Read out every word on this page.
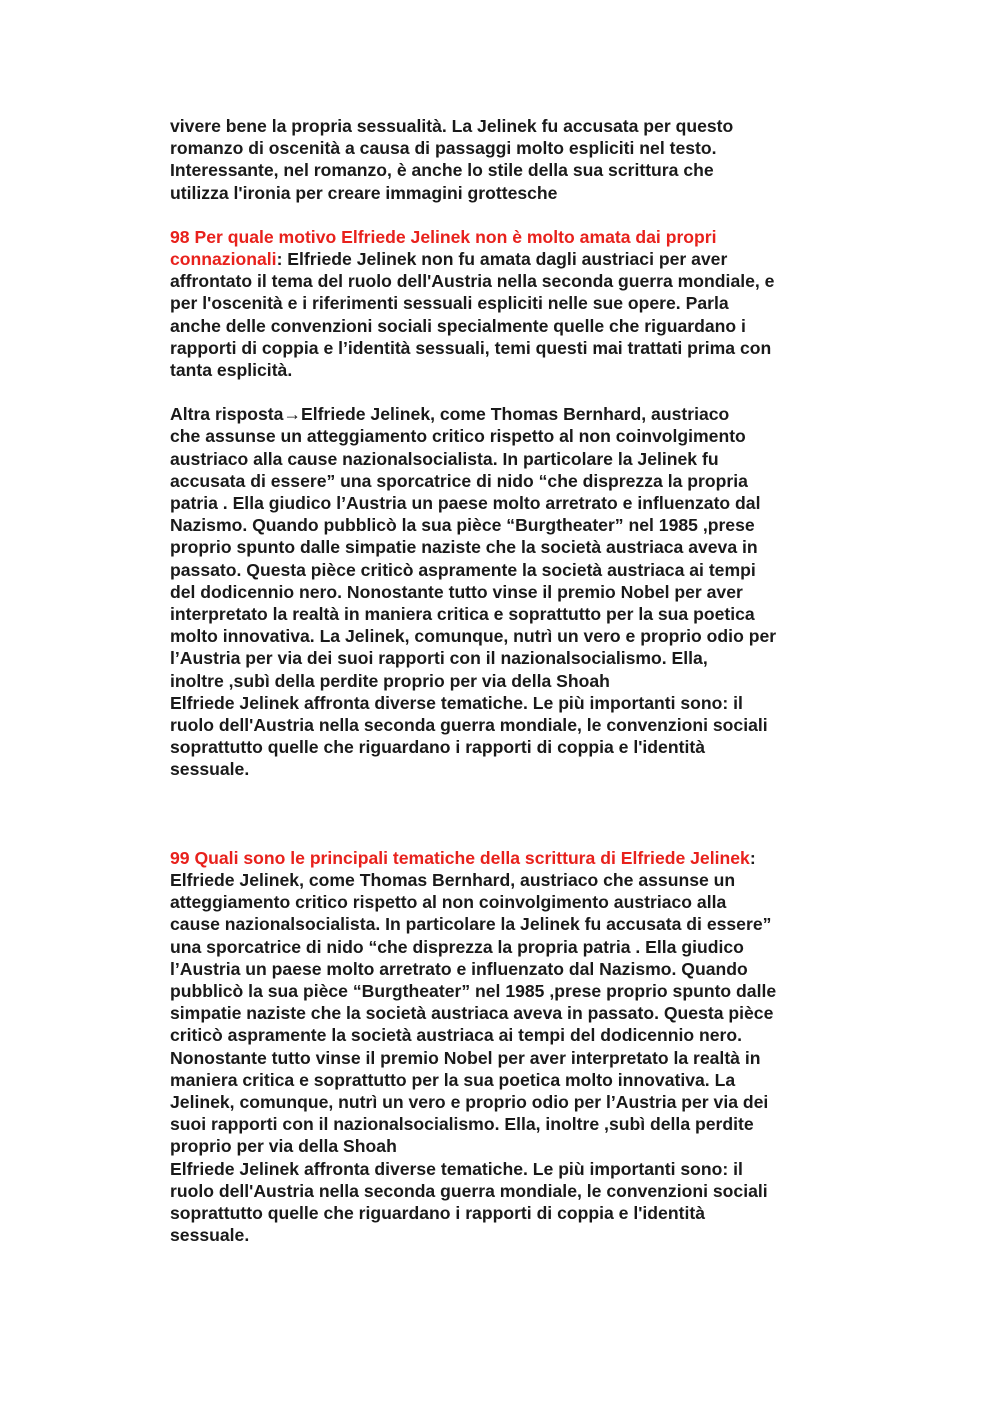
vivere bene la propria sessualità. La Jelinek fu accusata per questo
romanzo di oscenità a causa di passaggi molto espliciti nel testo.
Interessante, nel romanzo, è anche lo stile della sua scrittura che
utilizza l'ironia per creare immagini grottesche

98 Per quale motivo Elfriede Jelinek non è molto amata dai propri
connazionali: Elfriede Jelinek non fu amata dagli austriaci per aver
affrontato il tema del ruolo dell'Austria nella seconda guerra mondiale, e
per l'oscenità e i riferimenti sessuali espliciti nelle sue opere. Parla
anche delle convenzioni sociali specialmente quelle che riguardano i
rapporti di coppia e l’identità sessuali, temi questi mai trattati prima con
tanta esplicità.

Altra risposta→Elfriede Jelinek, come Thomas Bernhard, austriaco
che assunse un atteggiamento critico rispetto al non coinvolgimento
austriaco alla cause nazionalsocialista. In particolare la Jelinek fu
accusata di essere” una sporcatrice di nido “che disprezza la propria
patria . Ella giudico l’Austria un paese molto arretrato e influenzato dal
Nazismo. Quando pubblicò la sua pièce “Burgtheater” nel 1985 ,prese
proprio spunto dalle simpatie naziste che la società austriaca aveva in
passato. Questa pièce criticò aspramente la società austriaca ai tempi
del dodicennio nero. Nonostante tutto vinse il premio Nobel per aver
interpretato la realtà in maniera critica e soprattutto per la sua poetica
molto innovativa. La Jelinek, comunque, nutrì un vero e proprio odio per
l’Austria per via dei suoi rapporti con il nazionalsocialismo. Ella,
inoltre ,subì della perdite proprio per via della Shoah

Elfriede Jelinek affronta diverse tematiche. Le più importanti sono: il
ruolo dell'Austria nella seconda guerra mondiale, le convenzioni sociali
soprattutto quelle che riguardano i rapporti di coppia e l'identità
sessuale.

99 Quali sono le principali tematiche della scrittura di Elfriede Jelinek:
Elfriede Jelinek, come Thomas Bernhard, austriaco che assunse un
atteggiamento critico rispetto al non coinvolgimento austriaco alla
cause nazionalsocialista. In particolare la Jelinek fu accusata di essere”
una sporcatrice di nido “che disprezza la propria patria . Ella giudico
l’Austria un paese molto arretrato e influenzato dal Nazismo. Quando
pubblicò la sua pièce “Burgtheater” nel 1985 ,prese proprio spunto dalle
simpatie naziste che la società austriaca aveva in passato. Questa pièce
criticò aspramente la società austriaca ai tempi del dodicennio nero.
Nonostante tutto vinse il premio Nobel per aver interpretato la realtà in
maniera critica e soprattutto per la sua poetica molto innovativa. La
Jelinek, comunque, nutrì un vero e proprio odio per l’Austria per via dei
suoi rapporti con il nazionalsocialismo. Ella, inoltre ,subì della perdite
proprio per via della Shoah

Elfriede Jelinek affronta diverse tematiche. Le più importanti sono: il
ruolo dell'Austria nella seconda guerra mondiale, le convenzioni sociali
soprattutto quelle che riguardano i rapporti di coppia e l'identità
sessuale.
